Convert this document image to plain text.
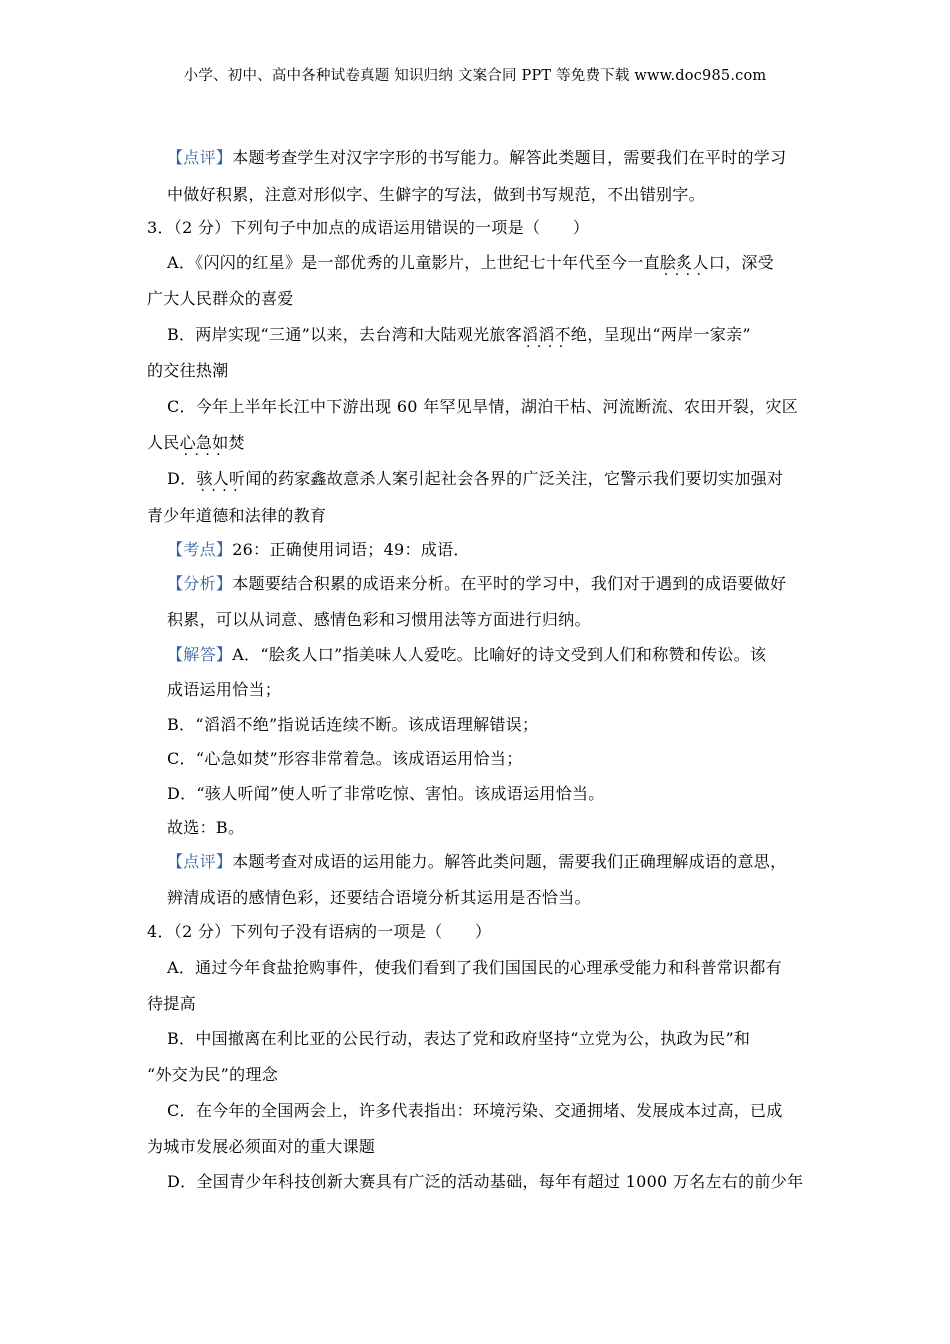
小学、初中、高中各种试卷真题 知识归纳 文案合同 PPT 等免费下载 www.doc985.com
【点评】本题考查学生对汉字字形的书写能力。解答此类题目，需要我们在平时的学习
中做好积累，注意对形似字、生僻字的写法，做到书写规范，不出错别字。
3．（2 分）下列句子中加点的成语运用错误的一项是（　　）
A．《闪闪的红星》是一部优秀的儿童影片，上世纪七十年代至今一直脍炙人口 · · · ·，深受
广大人民群众的喜爱
B．两岸实现“三通”以来，去台湾和大陆观光旅客滔滔不绝 · · · ·，呈现出“两岸一家亲”
的交往热潮
C．今年上半年长江中下游出现 60 年罕见旱情，湖泊干枯、河流断流、农田开裂，灾区
人民心急如焚 · · · ·
D．骇人听闻 · · · ·的药家鑫故意杀人案引起社会各界的广泛关注，它警示我们要切实加强对
青少年道德和法律的教育
【考点】26：正确使用词语；49：成语．
【分析】本题要结合积累的成语来分析。在平时的学习中，我们对于遇到的成语要做好
积累，可以从词意、感情色彩和习惯用法等方面进行归纳。
【解答】A．“脍炙人口”指美味人人爱吃。比喻好的诗文受到人们和称赞和传讼。该
成语运用恰当；
B．“滔滔不绝”指说话连续不断。该成语理解错误；
C．“心急如焚”形容非常着急。该成语运用恰当；
D．“骇人听闻”使人听了非常吃惊、害怕。该成语运用恰当。
故选：B。
【点评】本题考查对成语的运用能力。解答此类问题，需要我们正确理解成语的意思，
辨清成语的感情色彩，还要结合语境分析其运用是否恰当。
4．（2 分）下列句子没有语病的一项是（　　）
A．通过今年食盐抢购事件，使我们看到了我们国国民的心理承受能力和科普常识都有
待提高
B．中国撤离在利比亚的公民行动，表达了党和政府坚持“立党为公，执政为民”和
“外交为民”的理念
C．在今年的全国两会上，许多代表指出：环境污染、交通拥堵、发展成本过高，已成
为城市发展必须面对的重大课题
D．全国青少年科技创新大赛具有广泛的活动基础，每年有超过 1000 万名左右的前少年
